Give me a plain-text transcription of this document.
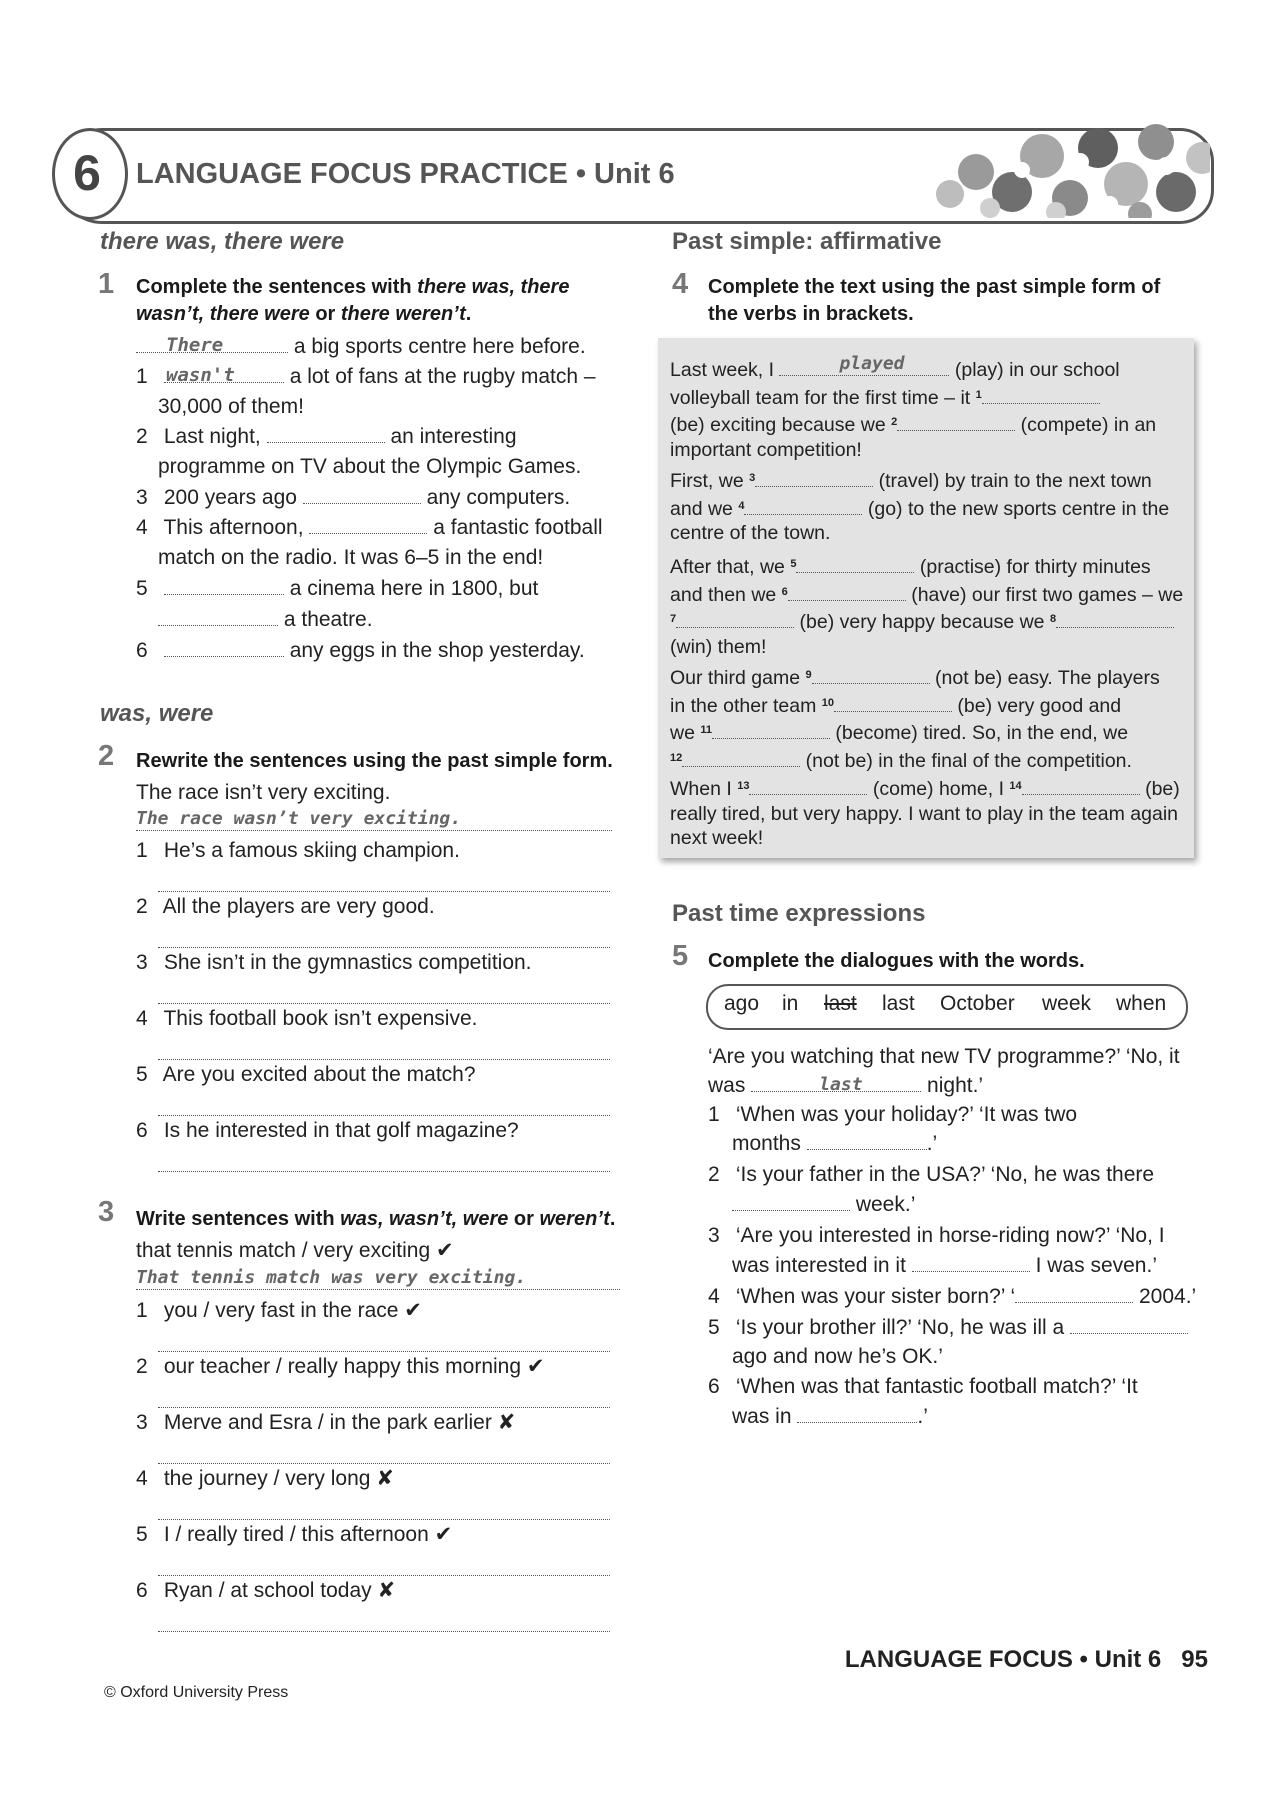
6	LANGUAGE FOCUS PRACTICE • Unit 6
there was, there were
1 Complete the sentences with there was, there wasn’t, there were or there weren’t.
There wasn't
a big sports centre here before.
1	a lot of fans at the rugby match –
30,000 of them!
2 Last night,	an interesting
programme on TV about the Olympic Games.
3 200 years ago	any computers.
4 This afternoon,	a fantastic football
match on the radio. It was 6–5 in the end!
5	a cinema here in 1800, but
a theatre.
6	any eggs in the shop yesterday.
was, were
2 Rewrite the sentences using the past simple form.
The race isn’t very exciting.
The race wasn’t very exciting.
1 He’s a famous skiing champion.
2 All the players are very good.
3 She isn’t in the gymnastics competition.
4 This football book isn’t expensive.
5 Are you excited about the match?
6 Is he interested in that golf magazine?
3 Write sentences with was, wasn’t, were or weren’t.
that tennis match / very exciting ✔
That tennis match was very exciting.
1 you / very fast in the race ✔
2 our teacher / really happy this morning ✔
3 Merve and Esra / in the park earlier ✘
4 the journey / very long ✘
5 I / really tired / this afternoon ✔
6 Ryan / at school today ✘
Past simple: affirmative
4 Complete the text using the past simple form of the verbs in brackets.
Last week, I	played (play) in our school
volleyball team for the first time – it $^1$
(be) exciting because we $^2$	(compete) in an
important competition!
First, we $^3$	(travel) by train to the next town
and we $^4$	(go) to the new sports centre in the
centre of the town.
After that, we $^5$	(practise) for thirty minutes
and then we $^6$	(have) our first two games – we
$^7$	(be) very happy because we $^8$
(win) them!
Our third game $^9$	(not be) easy. The players
in the other team $^{10}$	(be) very good and
we $^{11}$	(become) tired. So, in the end, we
$^{12}$	(not be) in the final of the competition.
When I $^{13}$	(come) home, I $^{14}$	(be)
really tired, but very happy. I want to play in the team again
next week!
Past time expressions
5 Complete the dialogues with the words.
ago in last last October week when
‘Are you watching that new TV programme?’ ‘No, it
was	last	night.’
1 ‘When was your holiday?’ ‘It was two
months	.’
2 ‘Is your father in the USA?’ ‘No, he was there
week.’
3 ‘Are you interested in horse-riding now?’ ‘No, I
was interested in it	I was seven.’
4 ‘When was your sister born?’ ‘	2004.’
5 ‘Is your brother ill?’ ‘No, he was ill a
ago and now he’s OK.’
6 ‘When was that fantastic football match?’ ‘It
was in	.’
LANGUAGE FOCUS • Unit 6 95
© Oxford University Press
